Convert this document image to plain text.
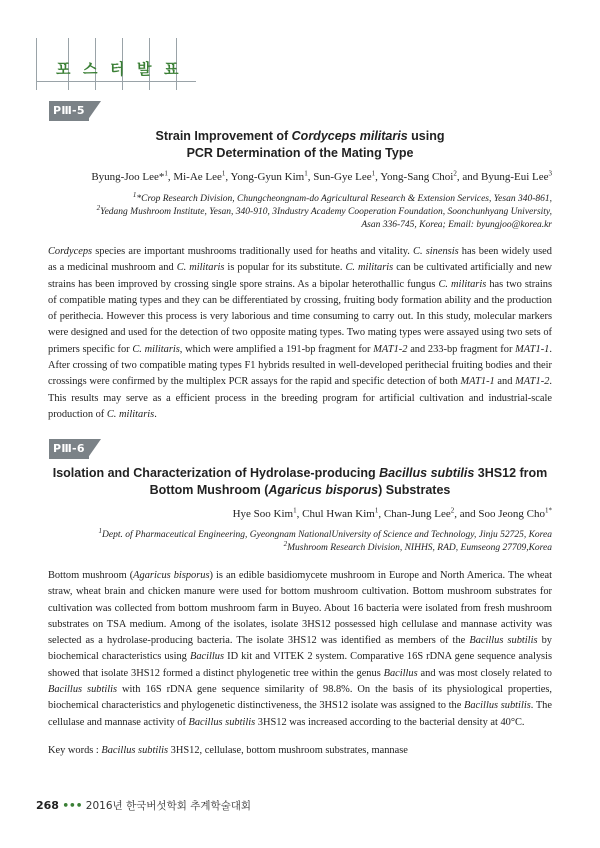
포 스 터 발 표
PⅢ-5
Strain Improvement of Cordyceps militaris using
PCR Determination of the Mating Type
Byung-Joo Lee*$^1$, Mi-Ae Lee$^1$, Yong-Gyun Kim$^1$, Sun-Gye Lee$^1$, Yong-Sang Choi$^2$, and Byung-Eui Lee$^3$
$^1$*Crop Research Division, Chungcheongnam-do Agricultural Research & Extension Services, Yesan 340-861,
$^2$Yedang Mushroom Institute, Yesan, 340-910, 3Industry Academy Cooperation Foundation, Soonchunhyang University,
Asan 336-745, Korea; Email: byungjoo@korea.kr
Cordyceps species are important mushrooms traditionally used for heaths and vitality. C. sinensis has been widely used as a medicinal mushroom and C. militaris is popular for its substitute. C. militaris can be cultivated artificially and new strains has been improved by crossing single spore strains. As a bipolar heterothallic fungus C. militaris has two strains of compatible mating types and they can be differentiated by crossing, fruiting body formation ability and the production of perithecia. However this process is very laborious and time consuming to carry out. In this study, molecular markers were designed and used for the detection of two opposite mating types. Two mating types were assayed using two sets of primers specific for C. militaris, which were amplified a 191-bp fragment for MAT1-2 and 233-bp fragment for MAT1-1. After crossing of two compatible mating types F1 hybrids resulted in well-developed perithecial fruiting bodies and their crossings were confirmed by the multiplex PCR assays for the rapid and specific detection of both MAT1-1 and MAT1-2. This results may serve as a efficient process in the breeding program for artificial cultivation and industrial-scale production of C. militaris.
PⅢ-6
Isolation and Characterization of Hydrolase-producing Bacillus subtilis 3HS12 from
Bottom Mushroom (Agaricus bisporus) Substrates
Hye Soo Kim$^1$, Chul Hwan Kim$^1$, Chan-Jung Lee$^2$, and Soo Jeong Cho$^{1*}$
$^1$Dept. of Pharmaceutical Engineering, Gyeongnam NationalUniversity of Science and Technology, Jinju 52725, Korea
$^2$Mushroom Research Division, NIHHS, RAD, Eumseong 27709,Korea
Bottom mushroom (Agaricus bisporus) is an edible basidiomycete mushroom in Europe and North America. The wheat straw, wheat brain and chicken manure were used for bottom mushroom cultivation. Bottom mushroom substrates for cultivation was collected from bottom mushroom farm in Buyeo. About 16 bacteria were isolated from fresh mushroom substrates on TSA medium. Among of the isolates, isolate 3HS12 possessed high cellulase and mannase activity was selected as a hydrolase-producing bacteria. The isolate 3HS12 was identified as members of the Bacillus subtilis by biochemical characteristics using Bacillus ID kit and VITEK 2 system. Comparative 16S rDNA gene sequence analysis showed that isolate 3HS12 formed a distinct phylogenetic tree within the genus Bacillus and was most closely related to Bacillus subtilis with 16S rDNA gene sequence similarity of 98.8%. On the basis of its physiological properties, biochemical characteristics and phylogenetic distinctiveness, the 3HS12 isolate was assigned to the Bacillus subtilis. The cellulase and mannase activity of Bacillus subtilis 3HS12 was increased according to the bacterial density at 40°C.
Key words : Bacillus subtilis 3HS12, cellulase, bottom mushroom substrates, mannase
268 ••• 2016년 한국버섯학회 추계학술대회
